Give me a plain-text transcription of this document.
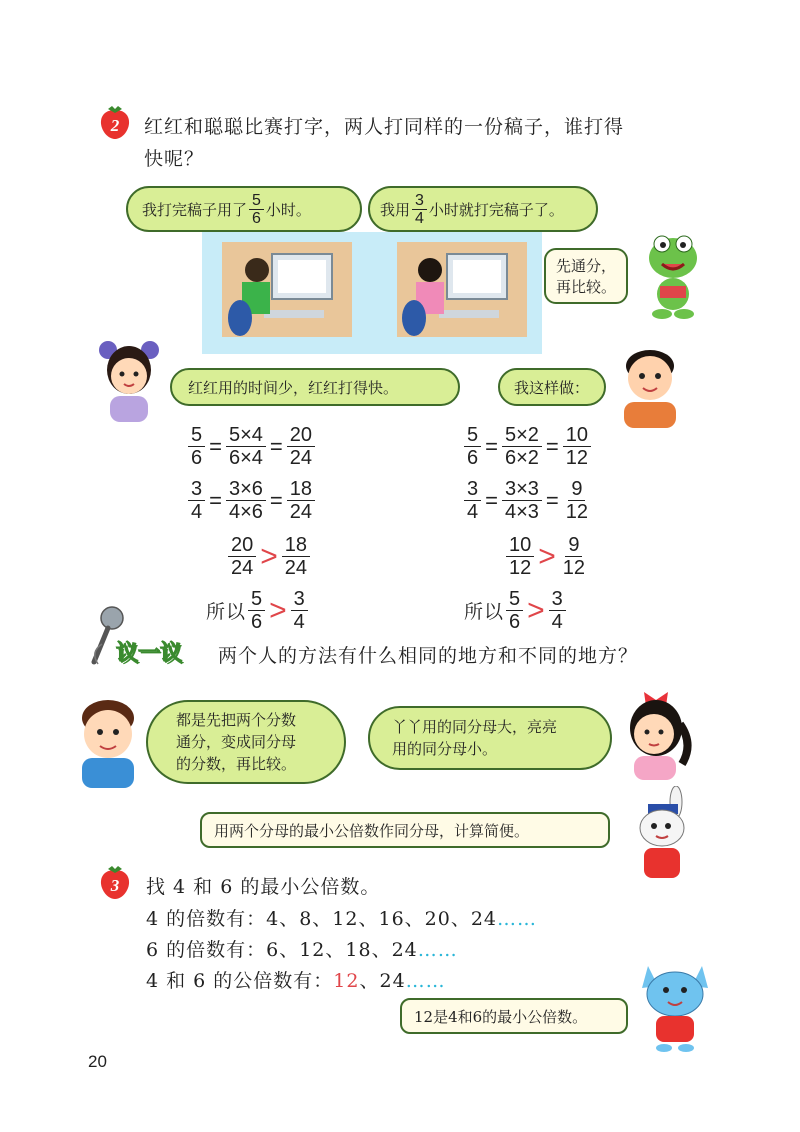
2 红红和聪聪比赛打字，两人打同样的一份稿子，谁打得
快呢？
我打完稿子用了 $\frac{5}{6}$ 小时。	我用 $\frac{3}{4}$ 小时就打完稿子了。
先通分，
再比较。
红红用的时间少，红红打得快。	我这样做：
$\frac{5}{6} = \frac{5\times 4}{6\times 4} = \frac{20}{24}$
$\frac{3}{4} = \frac{3\times 6}{4\times 6} = \frac{18}{24}$
$\frac{20}{24} > \frac{18}{24}$
所以 $\frac{5}{6} > \frac{3}{4}$
$\frac{5}{6} = \frac{5\times 2}{6\times 2} = \frac{10}{12}$
$\frac{3}{4} = \frac{3\times 3}{4\times 3} = \frac{9}{12}$
$\frac{10}{12} > \frac{9}{12}$
所以 $\frac{5}{6} > \frac{3}{4}$
议一议 两个人的方法有什么相同的地方和不同的地方？
都是先把两个分数
通分，变成同分母
的分数，再比较。
丫丫用的同分母大，亮亮
用的同分母小。
用两个分母的最小公倍数作同分母，计算简便。
3 找 4 和 6 的最小公倍数。
4 的倍数有：4、8、12、16、20、24……
6 的倍数有：6、12、18、24……
4 和 6 的公倍数有：12、24……
12是4和6的最小公倍数。
20
